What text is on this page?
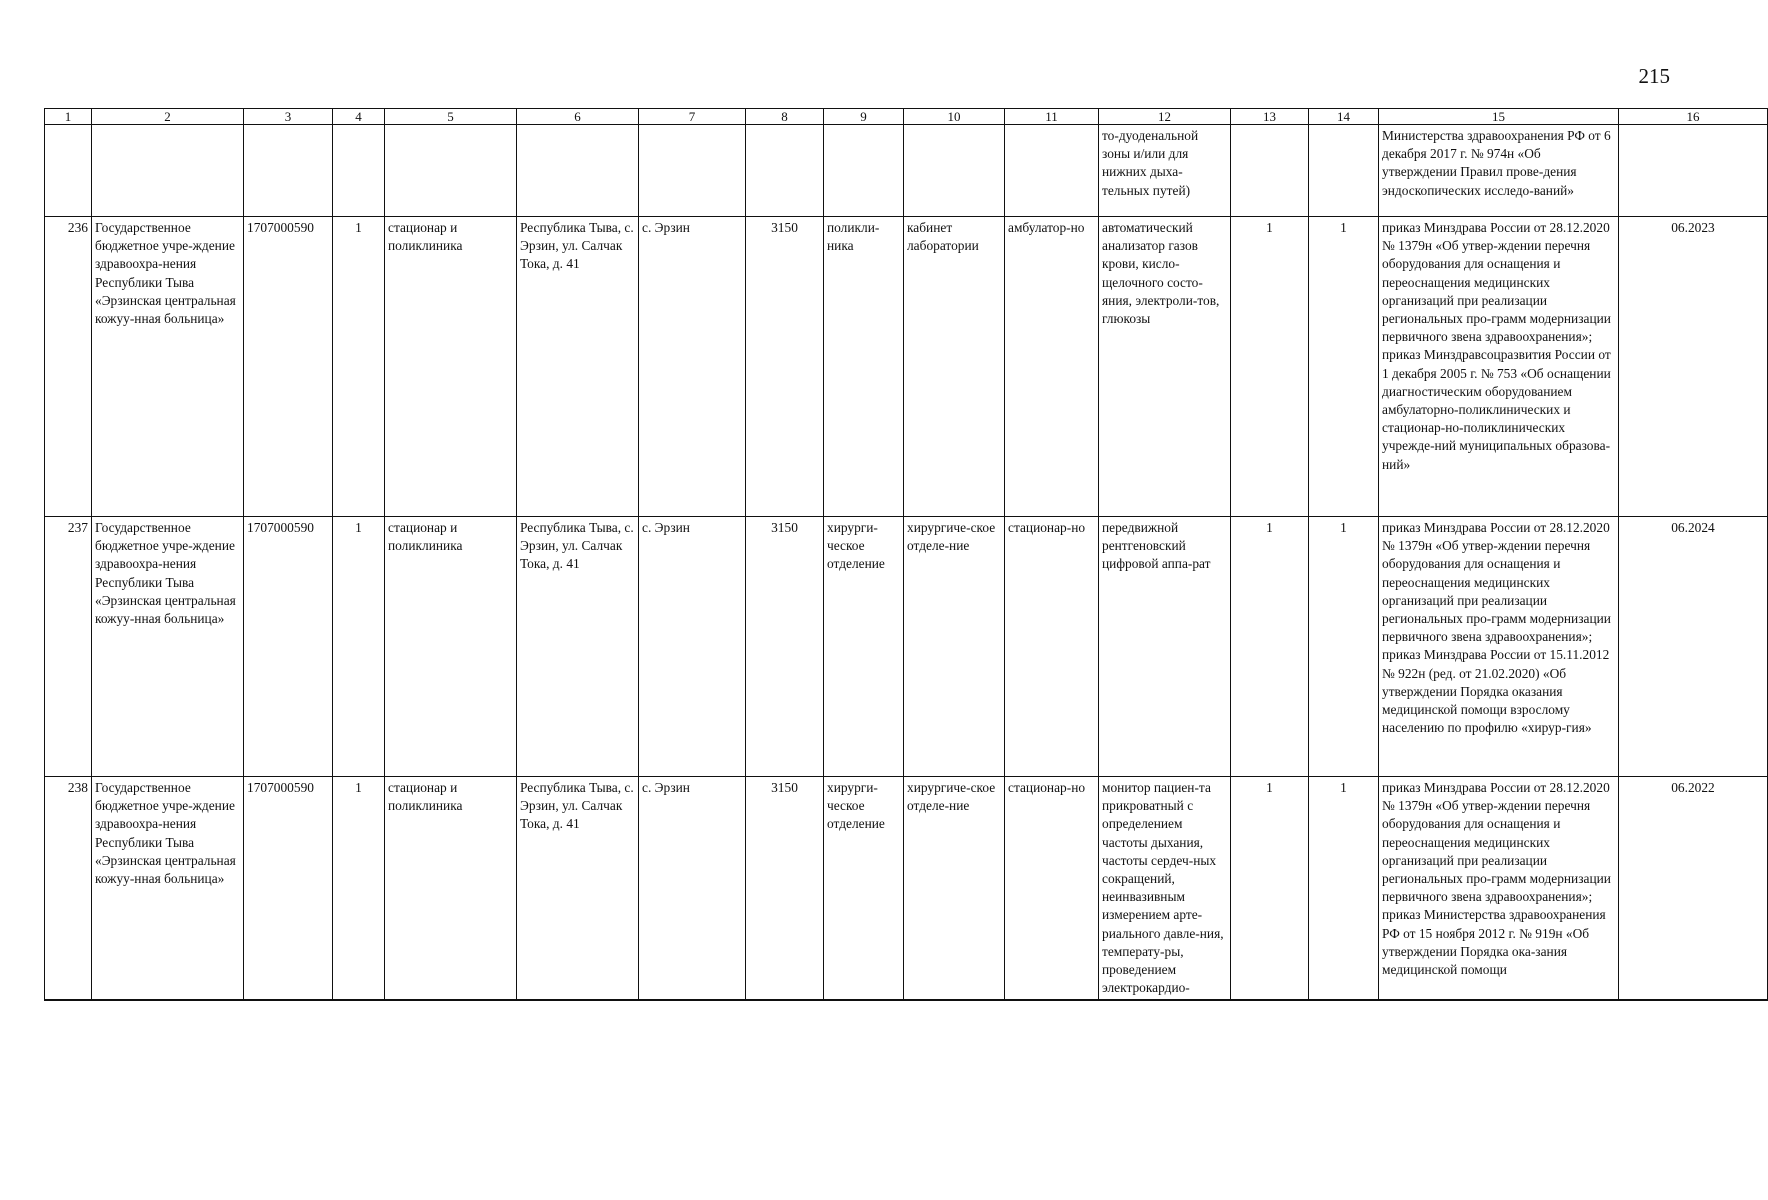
215
1	2	3	4	5	6	7	8	9	10	11	12	13	14	15	16
											то-дуоденальной зоны и/или для нижних дыха-тельных путей)			Министерства здравоохранения РФ от 6 декабря 2017 г. № 974н «Об утверждении Правил прове-дения эндоскопических исследо-ваний»	
236	Государственное бюджетное учре-ждение здравоохра-нения Республики Тыва «Эрзинская центральная кожуу-нная больница»	1707000590	1	стационар и поликлиника	Республика Тыва, с. Эрзин, ул. Салчак Тока, д. 41	с. Эрзин	3150	поликли-ника	кабинет лаборатории	амбулатор-но	автоматический анализатор газов крови, кисло-щелочного состо-яния, электроли-тов, глюкозы	1	1	приказ Минздрава России от 28.12.2020 № 1379н «Об утвер-ждении перечня оборудования для оснащения и переоснащения медицинских организаций при реализации региональных про-грамм модернизации первичного звена здравоохранения»; приказ Минздравсоцразвития России от 1 декабря 2005 г. № 753 «Об оснащении диагностическим оборудованием амбулаторно-поликлинических и стационар-но-поликлинических учрежде-ний муниципальных образова-ний»	06.2023
237	Государственное бюджетное учре-ждение здравоохра-нения Республики Тыва «Эрзинская центральная кожуу-нная больница»	1707000590	1	стационар и поликлиника	Республика Тыва, с. Эрзин, ул. Салчак Тока, д. 41	с. Эрзин	3150	хирурги-ческое отделение	хирургиче-ское отделе-ние	стационар-но	передвижной рентгеновский цифровой аппа-рат	1	1	приказ Минздрава России от 28.12.2020 № 1379н «Об утвер-ждении перечня оборудования для оснащения и переоснащения медицинских организаций при реализации региональных про-грамм модернизации первичного звена здравоохранения»; приказ Минздрава России от 15.11.2012 № 922н (ред. от 21.02.2020) «Об утверждении Порядка оказания медицинской помощи взрослому населению по профилю «хирур-гия»	06.2024
238	Государственное бюджетное учре-ждение здравоохра-нения Республики Тыва «Эрзинская центральная кожуу-нная больница»	1707000590	1	стационар и поликлиника	Республика Тыва, с. Эрзин, ул. Салчак Тока, д. 41	с. Эрзин	3150	хирурги-ческое отделение	хирургиче-ское отделе-ние	стационар-но	монитор пациен-та прикроватный с определением частоты дыхания, частоты сердеч-ных сокращений, неинвазивным измерением арте-риального давле-ния, температу-ры, проведением электрокардио-	1	1	приказ Минздрава России от 28.12.2020 № 1379н «Об утвер-ждении перечня оборудования для оснащения и переоснащения медицинских организаций при реализации региональных про-грамм модернизации первичного звена здравоохранения»; приказ Министерства здравоохранения РФ от 15 ноября 2012 г. № 919н «Об утверждении Порядка ока-зания медицинской помощи	06.2022
